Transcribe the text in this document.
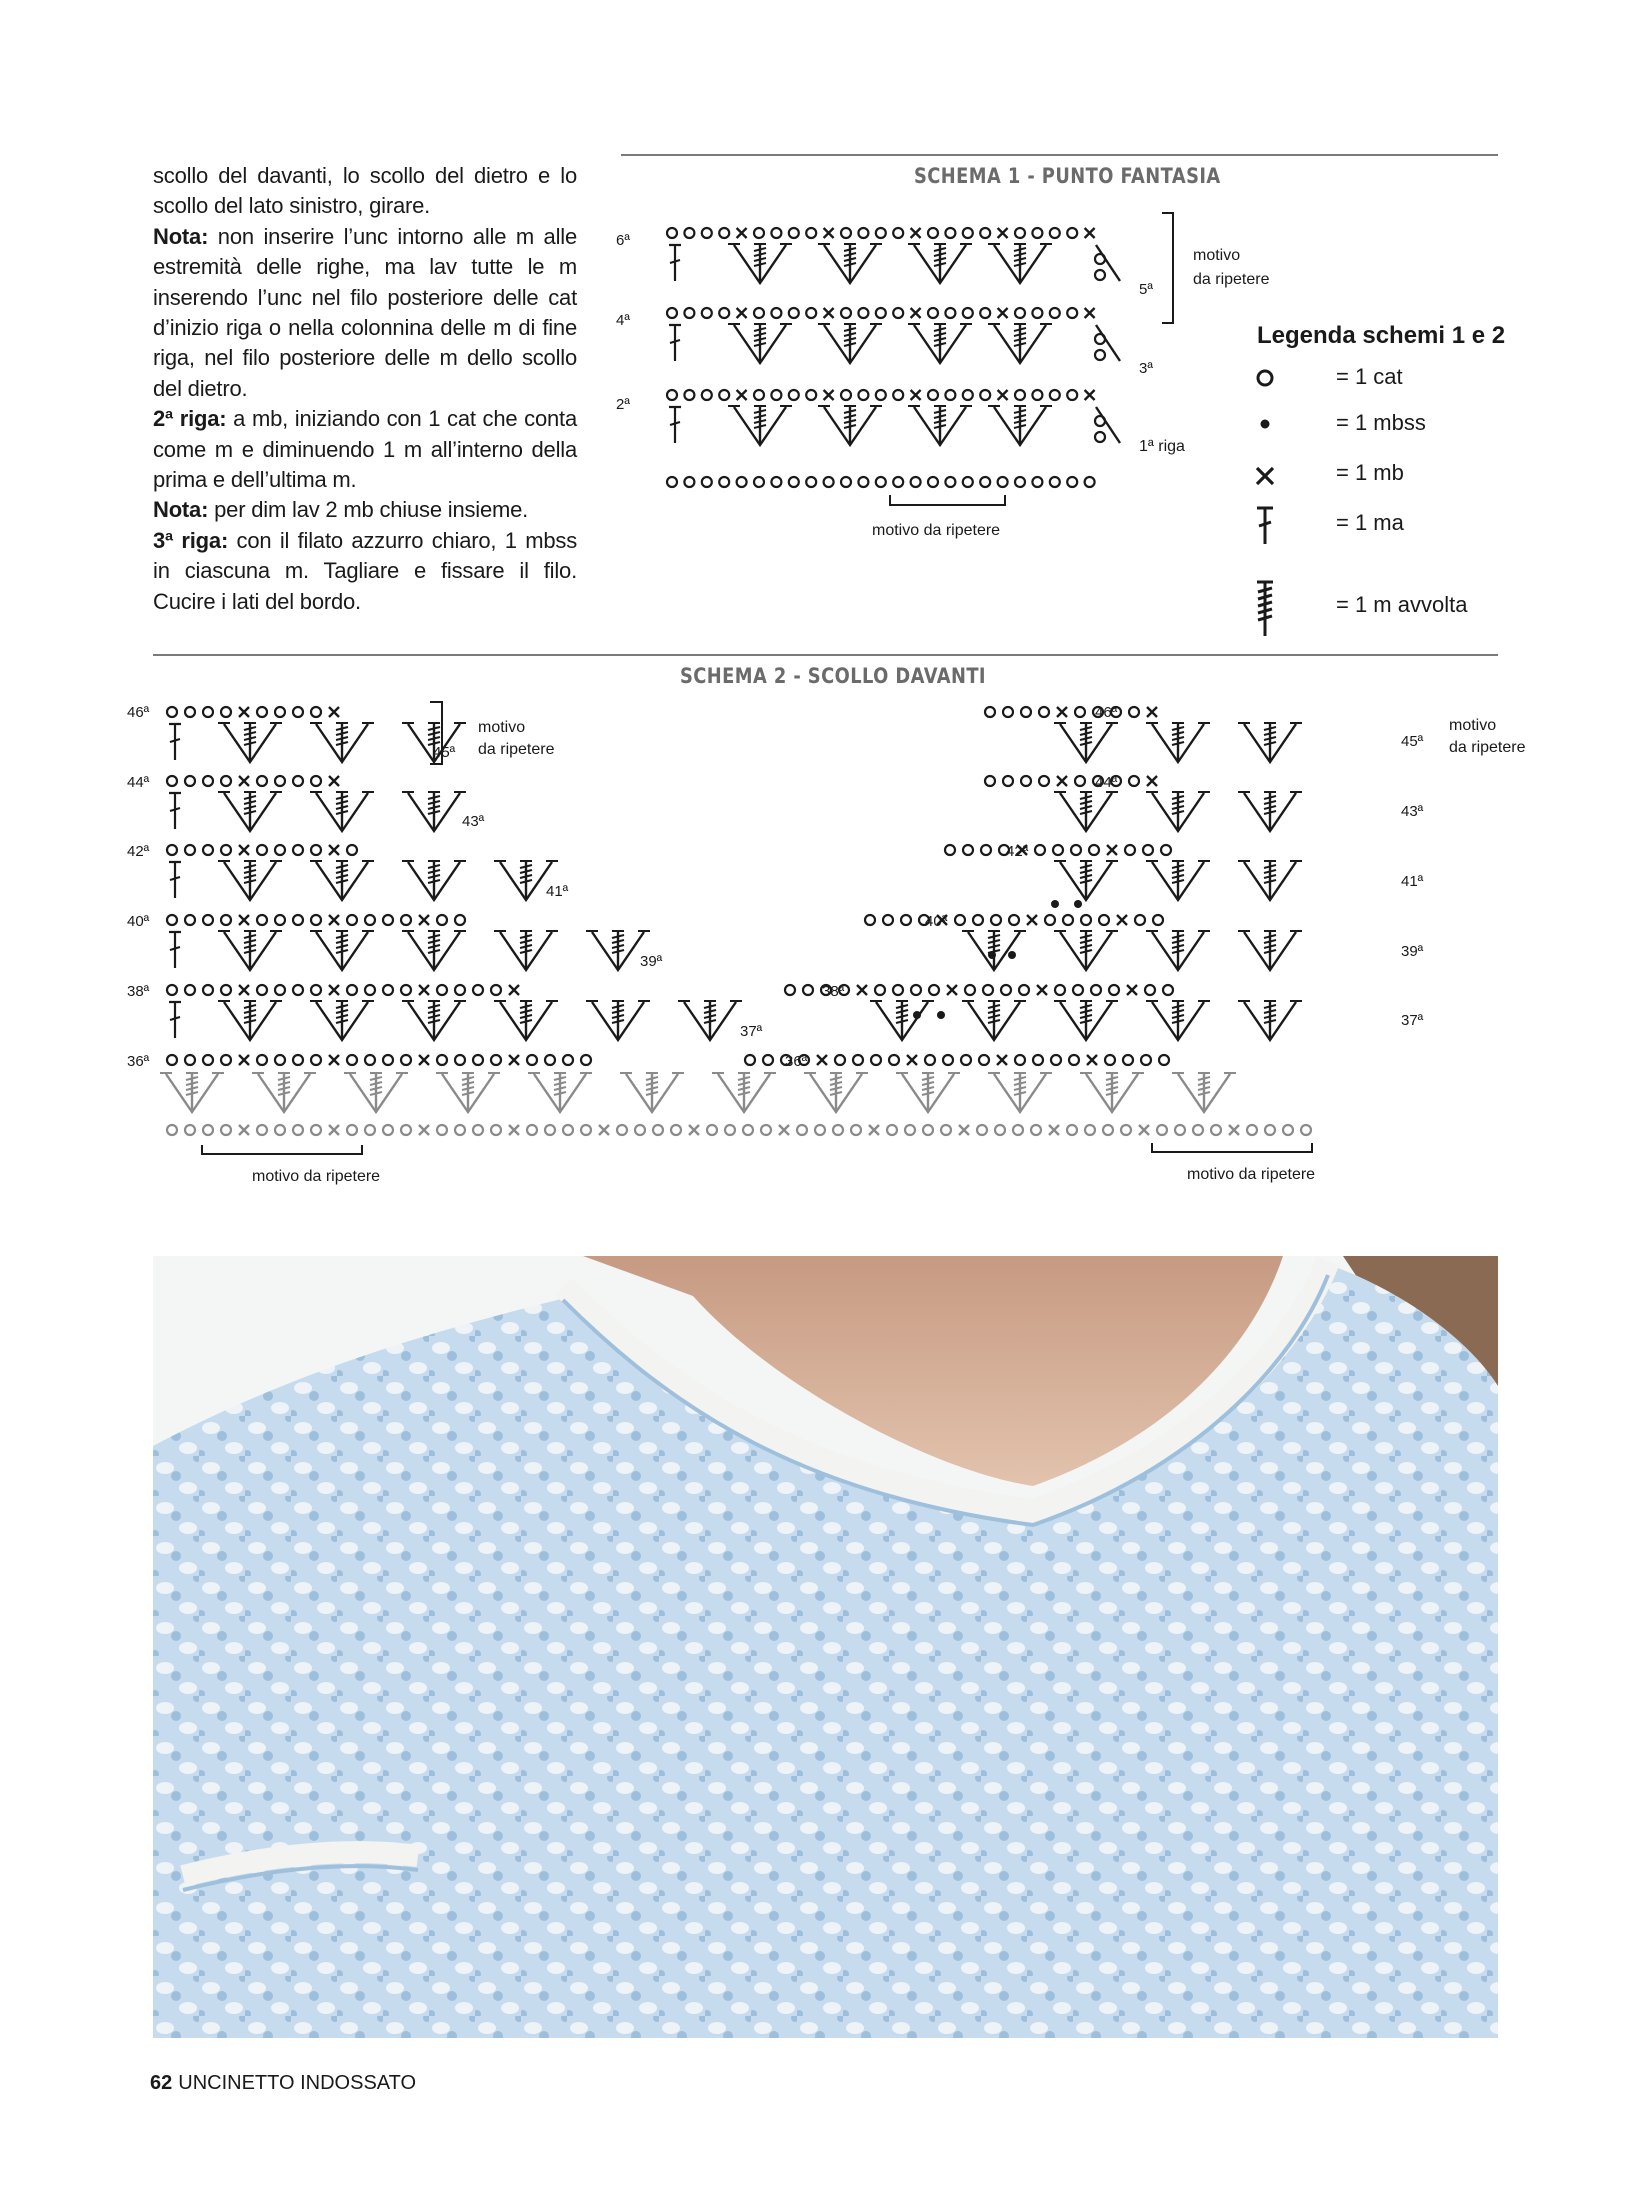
scollo del davanti, lo scollo del dietro e lo scollo del lato sinistro, girare.

Nota: non inserire l’unc intorno alle m alle estremità delle righe, ma lav tutte le m inserendo l’unc nel filo posteriore delle cat d’inizio riga o nella colonnina delle m di fine riga, nel filo posteriore delle m dello scollo del dietro.

2ª riga: a mb, iniziando con 1 cat che conta come m e diminuendo 1 m all’interno della prima e dell’ultima m.

Nota: per dim lav 2 mb chiuse insieme.

3ª riga: con il filato azzurro chiaro, 1 mbss in ciascuna m. Tagliare e fissare il filo. Cucire i lati del bordo.

SCHEMA 1 - PUNTO FANTASIA
6ª
4ª
2ª
5ª
3ª
1ª riga
motivo
da ripetere
motivo da ripetere
Legenda schemi 1 e 2
= 1 cat
= 1 mbss
= 1 mb
= 1 ma
= 1 m avvolta
SCHEMA 2 - SCOLLO DAVANTI
46ª
44ª
42ª
40ª
38ª
36ª
45ª
43ª
41ª
39ª
37ª
motivo
da ripetere
motivo da ripetere
46ª
44ª
42ª
40ª
38ª
36ª
45ª
43ª
41ª
39ª
37ª
motivo
da ripetere
motivo da ripetere
62 UNCINETTO INDOSSATO
